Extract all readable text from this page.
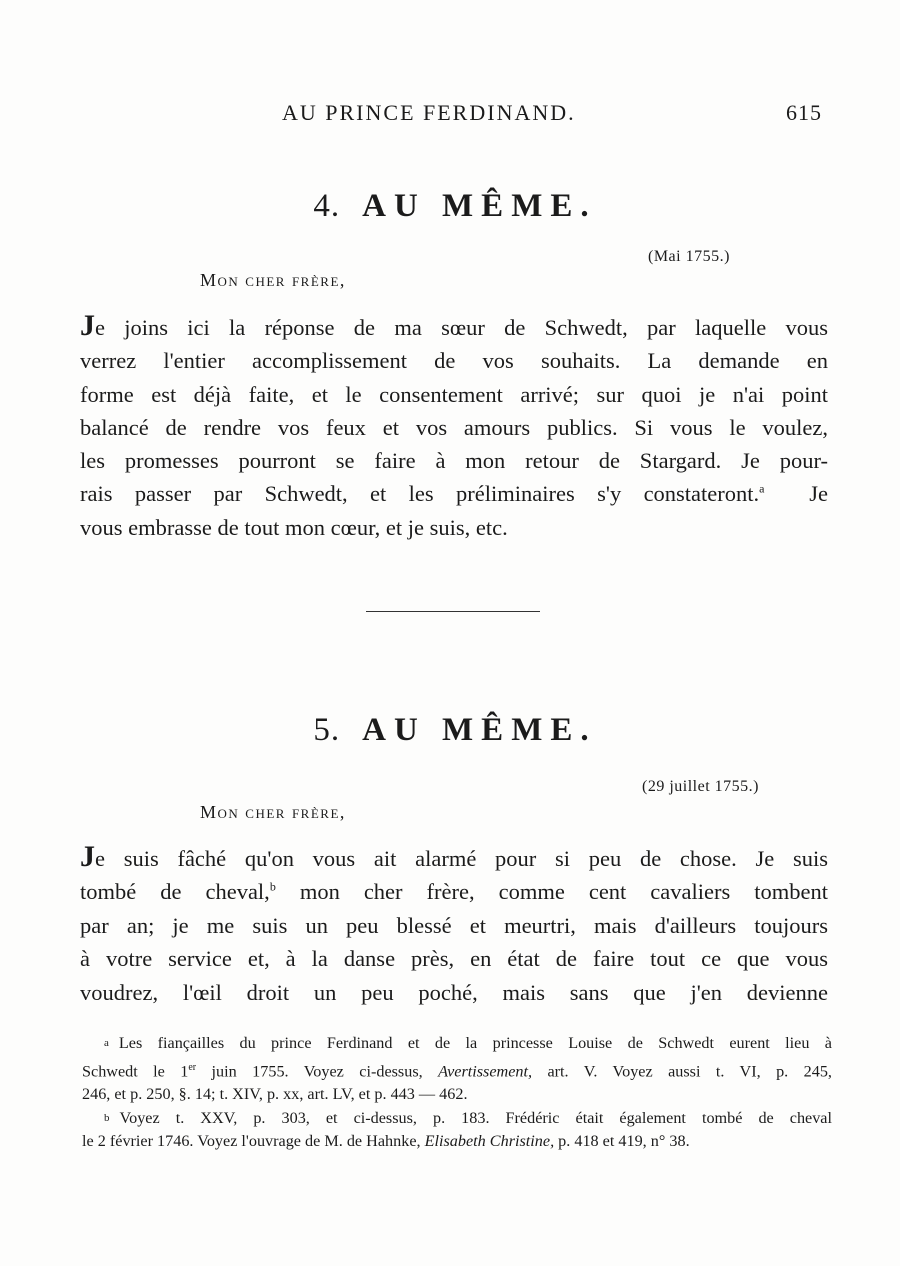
AU PRINCE FERDINAND.	615
4. AU MÊME.
(Mai 1755.)
Mon cher frère,
Je joins ici la réponse de ma sœur de Schwedt, par laquelle vous
verrez l'entier accomplissement de vos souhaits. La demande en
forme est déjà faite, et le consentement arrivé; sur quoi je n'ai point
balancé de rendre vos feux et vos amours publics. Si vous le voulez,
les promesses pourront se faire à mon retour de Stargard. Je pour-
rais passer par Schwedt, et les préliminaires s'y constateront.$^a$ Je
vous embrasse de tout mon cœur, et je suis, etc.
5. AU MÊME.
(29 juillet 1755.)
Mon cher frère,
Je suis fâché qu'on vous ait alarmé pour si peu de chose. Je suis
tombé de cheval,$^b$ mon cher frère, comme cent cavaliers tombent
par an; je me suis un peu blessé et meurtri, mais d'ailleurs toujours
à votre service et, à la danse près, en état de faire tout ce que vous
voudrez, l'œil droit un peu poché, mais sans que j'en devienne
a Les fiançailles du prince Ferdinand et de la princesse Louise de Schwedt eurent lieu à
Schwedt le 1er juin 1755. Voyez ci-dessus, Avertissement, art. V. Voyez aussi t. VI, p. 245,
246, et p. 250, §. 14; t. XIV, p. xx, art. LV, et p. 443 — 462.
b Voyez t. XXV, p. 303, et ci-dessus, p. 183. Frédéric était également tombé de cheval
le 2 février 1746. Voyez l'ouvrage de M. de Hahnke, Elisabeth Christine, p. 418 et 419, n° 38.
